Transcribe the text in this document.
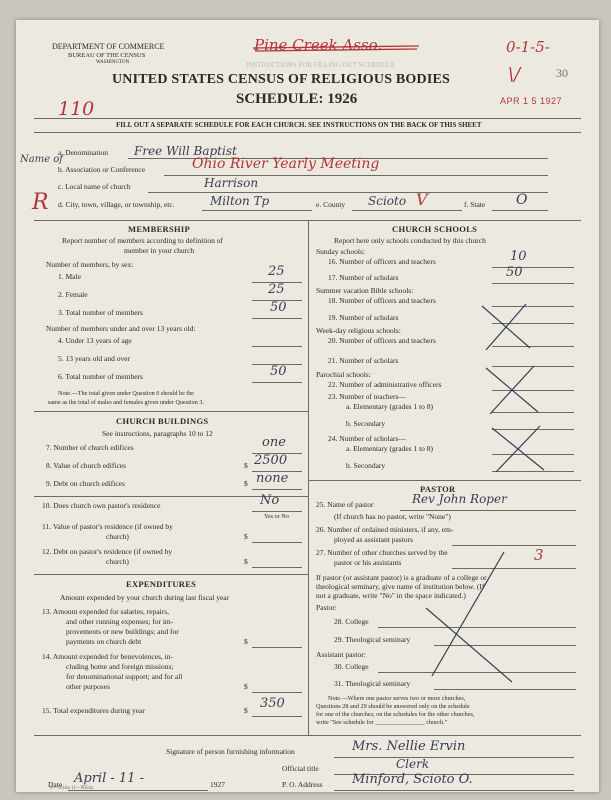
DEPARTMENT OF COMMERCE
BUREAU OF THE CENSUS
WASHINGTON
UNITED STATES CENSUS OF RELIGIOUS BODIES
INSTRUCTIONS FOR FILLING OUT SCHEDULE
SCHEDULE: 1926
30
Pine Creek Asso.	0-1-5-
\/
APR 1 5 1927
110
FILL OUT A SEPARATE SCHEDULE FOR EACH CHURCH. SEE INSTRUCTIONS ON THE BACK OF THIS SHEET
Name of
a. Denomination Free Will Baptist
b. Association or Conference	Ohio River Yearly Meeting
c. Local name of church	Harrison
R d. City, town, village, or township, etc.	Milton Tp	e. County Scioto V	f. State O
MEMBERSHIP
Report number of members according to definition of
member in your church
Number of members, by sex:
1. Male	25
2. Female	25
3. Total number of members	50
Number of members under and over 13 years old:
4. Under 13 years of age
5. 13 years old and over
6. Total number of members	50
Note.—The total given under Question 6 should be the
same as the total of males and females given under Question 3.
CHURCH BUILDINGS
See instructions, paragraphs 10 to 12
7. Number of church edifices	one
8. Value of church edifices	$ 2500
9. Debt on church edifices	$ none
10. Does church own pastor's residence	No
Yes or No
11. Value of pastor's residence (if owned by
church)	$
12. Debt on pastor's residence (if owned by
church)	$
EXPENDITURES
Amount expended by your church during last fiscal year
13. Amount expended for salaries, repairs,
and other running expenses; for im-
provements or new buildings; and for
payments on church debt	$
14. Amount expended for benevolences, in-
cluding home and foreign missions;
for denominational support; and for all
other purposes	$
15. Total expenditures during year	$ 350
CHURCH SCHOOLS
Report here only schools conducted by this church
Sunday schools:
16. Number of officers and teachers	10
17. Number of scholars	50
Summer vacation Bible schools:
18. Number of officers and teachers
19. Number of scholars
Week-day religious schools:
20. Number of officers and teachers
21. Number of scholars
Parochial schools:
22. Number of administrative officers
23. Number of teachers—
a. Elementary (grades 1 to 8)
b. Secondary
24. Number of scholars—
a. Elementary (grades 1 to 8)
b. Secondary
PASTOR
25. Name of pastor	Rev John Roper
(If church has no pastor, write "None")
26. Number of ordained ministers, if any, em-
ployed as assistant pastors
27. Number of other churches served by the
pastor or his assistants	3
If pastor (or assistant pastor) is a graduate of a college or
theological seminary, give name of institution below. (If
not a graduate, write "No" in the space indicated.)
Pastor:
28. College
29. Theological seminary
Assistant pastor:
30. College
31. Theological seminary
Note.—Where one pastor serves two or more churches,
Questions 28 and 29 should be answered only on the schedule
for one of the churches; on the schedules for the other churches,
write "See schedule for ________________ church."
Signature of person furnishing information	Mrs. Nellie Ervin
Official title	Clerk
Date April - 11 -	1927	P. O. Address Minford, Scioto O.
6—5518a 11—9054a
